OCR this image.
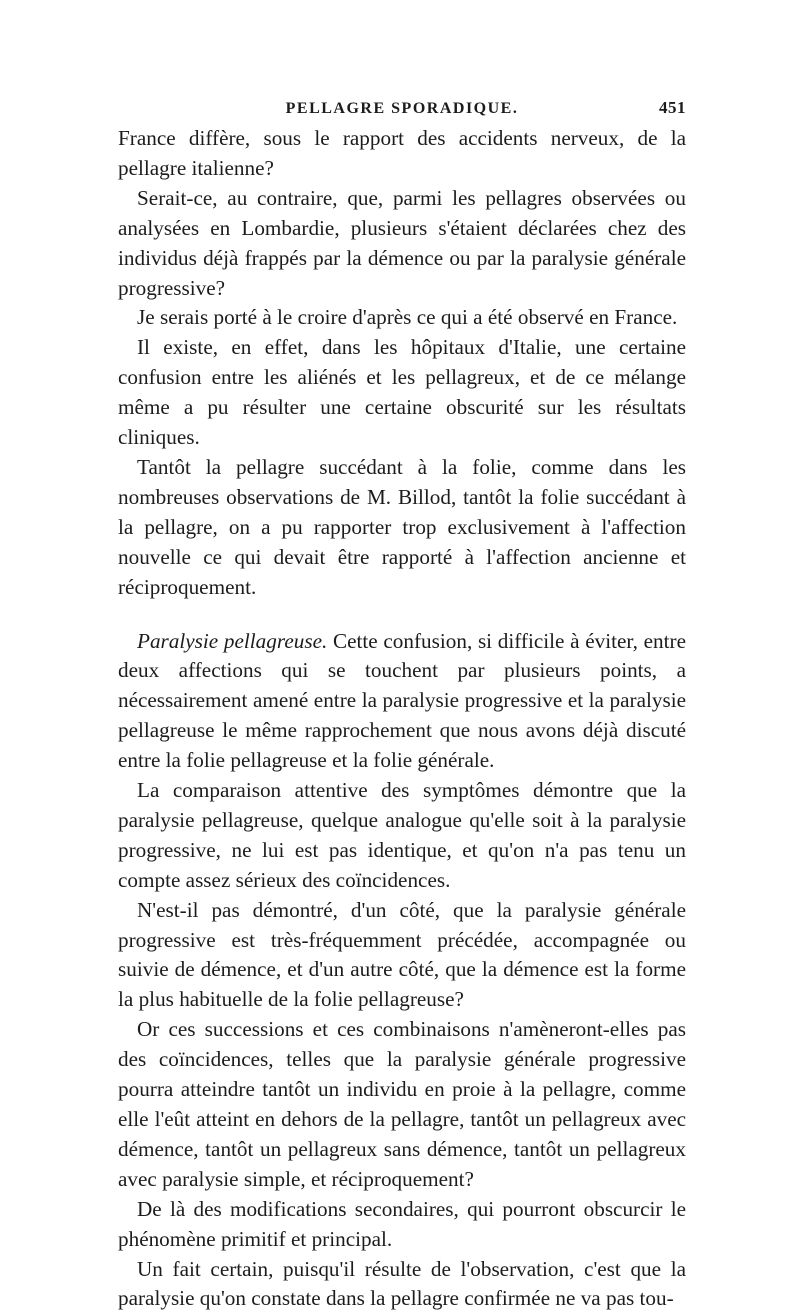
PELLAGRE SPORADIQUE.	451

France diffère, sous le rapport des accidents nerveux, de la pellagre italienne?

Serait-ce, au contraire, que, parmi les pellagres observées ou analysées en Lombardie, plusieurs s'étaient déclarées chez des individus déjà frappés par la démence ou par la paralysie générale progressive?

Je serais porté à le croire d'après ce qui a été observé en France.

Il existe, en effet, dans les hôpitaux d'Italie, une certaine confusion entre les aliénés et les pellagreux, et de ce mélange même a pu résulter une certaine obscurité sur les résultats cliniques.

Tantôt la pellagre succédant à la folie, comme dans les nombreuses observations de M. Billod, tantôt la folie succédant à la pellagre, on a pu rapporter trop exclusivement à l'affection nouvelle ce qui devait être rapporté à l'affection ancienne et réciproquement.

Paralysie pellagreuse. Cette confusion, si difficile à éviter, entre deux affections qui se touchent par plusieurs points, a nécessairement amené entre la paralysie progressive et la paralysie pellagreuse le même rapprochement que nous avons déjà discuté entre la folie pellagreuse et la folie générale.

La comparaison attentive des symptômes démontre que la paralysie pellagreuse, quelque analogue qu'elle soit à la paralysie progressive, ne lui est pas identique, et qu'on n'a pas tenu un compte assez sérieux des coïncidences.

N'est-il pas démontré, d'un côté, que la paralysie générale progressive est très-fréquemment précédée, accompagnée ou suivie de démence, et d'un autre côté, que la démence est la forme la plus habituelle de la folie pellagreuse?

Or ces successions et ces combinaisons n'amèneront-elles pas des coïncidences, telles que la paralysie générale progressive pourra atteindre tantôt un individu en proie à la pellagre, comme elle l'eût atteint en dehors de la pellagre, tantôt un pellagreux avec démence, tantôt un pellagreux sans démence, tantôt un pellagreux avec paralysie simple, et réciproquement?

De là des modifications secondaires, qui pourront obscurcir le phénomène primitif et principal.

Un fait certain, puisqu'il résulte de l'observation, c'est que la paralysie qu'on constate dans la pellagre confirmée ne va pas tou-
